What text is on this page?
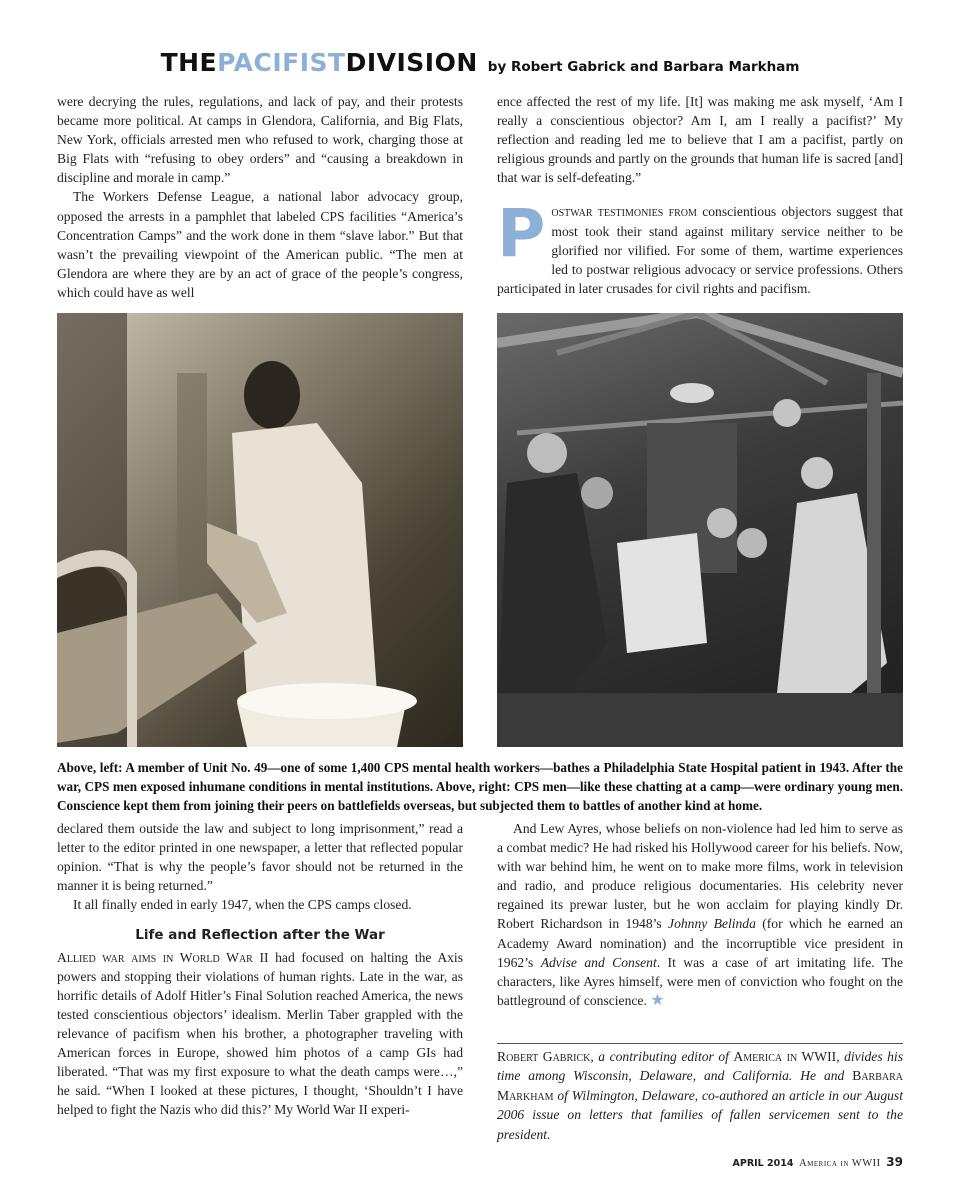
THEPACIFISTDIVISION by Robert Gabrick and Barbara Markham

were decrying the rules, regulations, and lack of pay, and their protests became more political. At camps in Glendora, California, and Big Flats, New York, officials arrested men who refused to work, charging those at Big Flats with “refusing to obey orders” and “causing a breakdown in discipline and morale in camp.”

The Workers Defense League, a national labor advocacy group, opposed the arrests in a pamphlet that labeled CPS facilities “America’s Concentration Camps” and the work done in them “slave labor.” But that wasn’t the prevailing viewpoint of the American public. “The men at Glendora are where they are by an act of grace of the people’s congress, which could have as well

ence affected the rest of my life. [It] was making me ask myself, ‘Am I really a conscientious objector? Am I, am I really a pacifist?’ My reflection and reading led me to believe that I am a pacifist, partly on religious grounds and partly on the grounds that human life is sacred [and] that war is self-defeating.”

Postwar testimonies from conscientious objectors suggest that most took their stand against military service neither to be glorified nor vilified. For some of them, wartime experiences led to postwar religious advocacy or service professions. Others participated in later crusades for civil rights and pacifism.

Above, left: A member of Unit No. 49—one of some 1,400 CPS mental health workers—bathes a Philadelphia State Hospital patient in 1943. After the war, CPS men exposed inhumane conditions in mental institutions. Above, right: CPS men—like these chatting at a camp—were ordinary young men. Conscience kept them from joining their peers on battlefields overseas, but subjected them to battles of another kind at home.

declared them outside the law and subject to long imprisonment,” read a letter to the editor printed in one newspaper, a letter that reflected popular opinion. “That is why the people’s favor should not be returned in the manner it is being returned.”

It all finally ended in early 1947, when the CPS camps closed.

Life and Reflection after the War

Allied war aims in World War II had focused on halting the Axis powers and stopping their violations of human rights. Late in the war, as horrific details of Adolf Hitler’s Final Solution reached America, the news tested conscientious objectors’ idealism. Merlin Taber grappled with the relevance of pacifism when his brother, a photographer traveling with American forces in Europe, showed him photos of a camp GIs had liberated. “That was my first exposure to what the death camps were…,” he said. “When I looked at these pictures, I thought, ‘Shouldn’t I have helped to fight the Nazis who did this?’ My World War II experi-

And Lew Ayres, whose beliefs on non-violence had led him to serve as a combat medic? He had risked his Hollywood career for his beliefs. Now, with war behind him, he went on to make more films, work in television and radio, and produce religious documentaries. His celebrity never regained its prewar luster, but he won acclaim for playing kindly Dr. Robert Richardson in 1948’s Johnny Belinda (for which he earned an Academy Award nomination) and the incorruptible vice president in 1962’s Advise and Consent. It was a case of art imitating life. The characters, like Ayres himself, were men of conviction who fought on the battleground of conscience. ★

Robert Gabrick, a contributing editor of America in WWII, divides his time among Wisconsin, Delaware, and California. He and Barbara Markham of Wilmington, Delaware, co-authored an article in our August 2006 issue on letters that families of fallen servicemen sent to the president.
APRIL 2014 America in WWII 39
